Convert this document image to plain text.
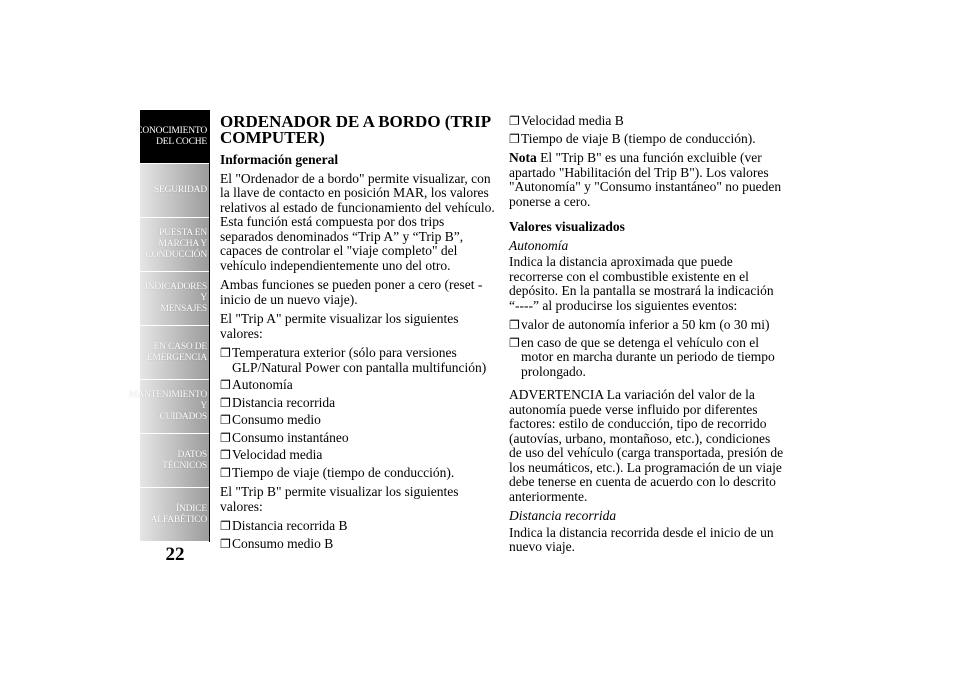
CONOCIMIENTO
DEL COCHE
SEGURIDAD
PUESTA EN
MARCHA Y
CONDUCCIÓN
INDICADORES Y
MENSAJES
EN CASO DE
EMERGENCIA
MANTENIMIENTO Y
CUIDADOS
DATOS TÉCNICOS
ÍNDICE
ALFABÉTICO
22
ORDENADOR DE A BORDO (TRIP COMPUTER)
Información general

El "Ordenador de a bordo" permite visualizar, con la llave de contacto en posición MAR, los valores relativos al estado de funcionamiento del vehículo. Esta función está compuesta por dos trips separados denominados “Trip A” y “Trip B”, capaces de controlar el "viaje completo" del vehículo independientemente uno del otro.

Ambas funciones se pueden poner a cero (reset - inicio de un nuevo viaje).

El "Trip A" permite visualizar los siguientes valores:

❐ Temperatura exterior (sólo para versiones GLP/Natural Power con pantalla multifunción)
❐ Autonomía
❐ Distancia recorrida
❐ Consumo medio
❐ Consumo instantáneo
❐ Velocidad media
❐ Tiempo de viaje (tiempo de conducción).

El "Trip B" permite visualizar los siguientes valores:

❐ Distancia recorrida B
❐ Consumo medio B
❐ Velocidad media B
❐ Tiempo de viaje B (tiempo de conducción).

Nota El "Trip B" es una función excluible (ver apartado "Habilitación del Trip B"). Los valores "Autonomía" y "Consumo instantáneo" no pueden ponerse a cero.

Valores visualizados
Autonomía

Indica la distancia aproximada que puede recorrerse con el combustible existente en el depósito. En la pantalla se mostrará la indicación “----” al producirse los siguientes eventos:

❐ valor de autonomía inferior a 50 km (o 30 mi)
❐ en caso de que se detenga el vehículo con el motor en marcha durante un periodo de tiempo prolongado.

ADVERTENCIA La variación del valor de la autonomía puede verse influido por diferentes factores: estilo de conducción, tipo de recorrido (autovías, urbano, montañoso, etc.), condiciones de uso del vehículo (carga transportada, presión de los neumáticos, etc.). La programación de un viaje debe tenerse en cuenta de acuerdo con lo descrito anteriormente.

Distancia recorrida

Indica la distancia recorrida desde el inicio de un nuevo viaje.
